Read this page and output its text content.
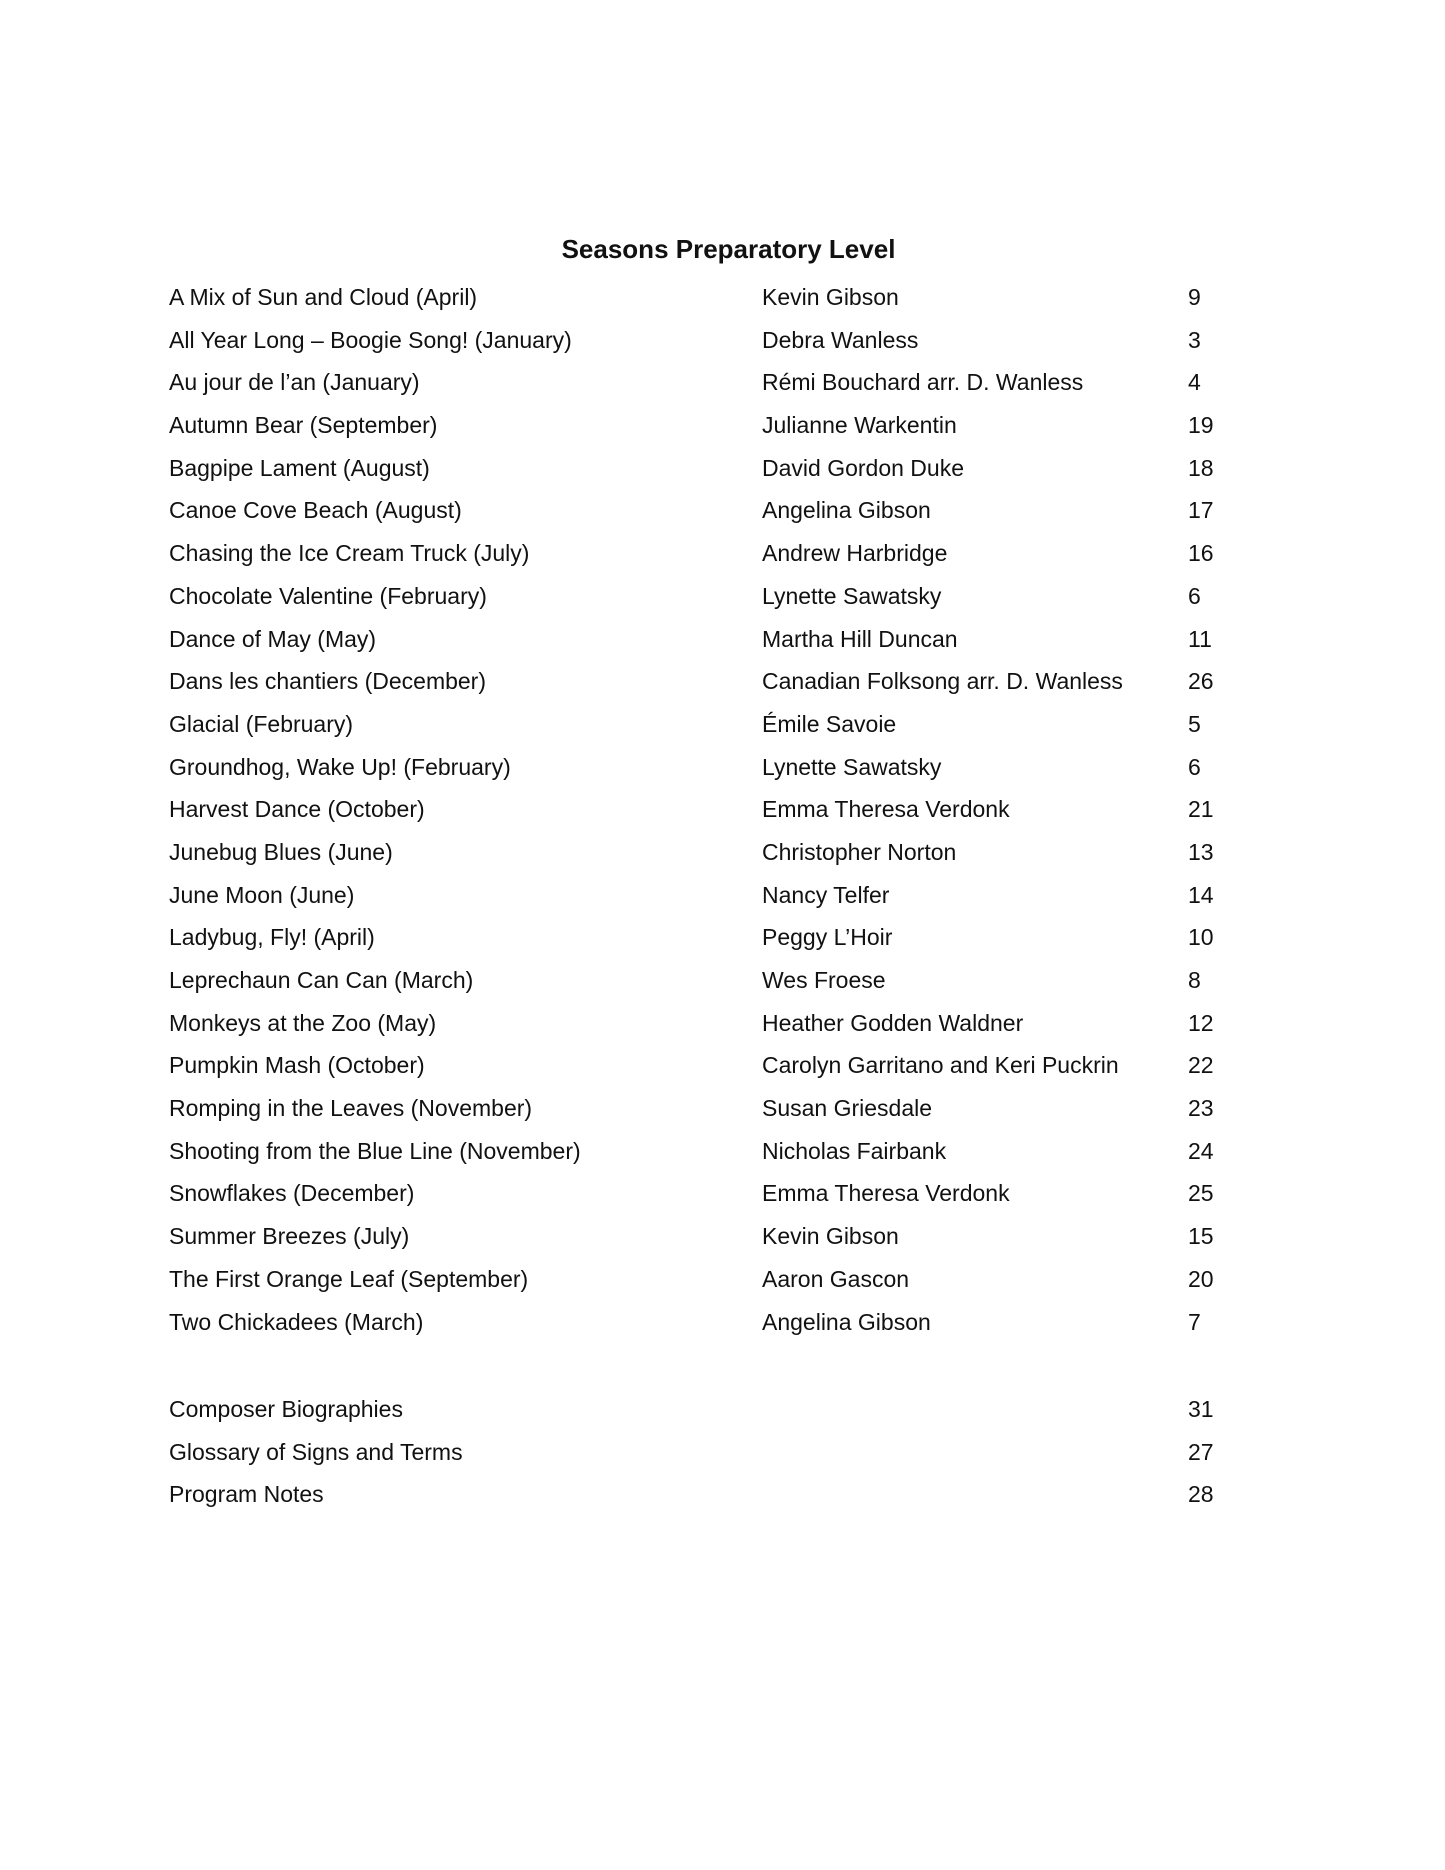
Seasons Preparatory Level
A Mix of Sun and Cloud (April)	Kevin Gibson	9
All Year Long – Boogie Song! (January)	Debra Wanless	3
Au jour de l’an (January)	Rémi Bouchard arr. D. Wanless	4
Autumn Bear (September)	Julianne Warkentin	19
Bagpipe Lament (August)	David Gordon Duke	18
Canoe Cove Beach (August)	Angelina Gibson	17
Chasing the Ice Cream Truck (July)	Andrew Harbridge	16
Chocolate Valentine (February)	Lynette Sawatsky	6
Dance of May (May)	Martha Hill Duncan	11
Dans les chantiers (December)	Canadian Folksong arr. D. Wanless	26
Glacial (February)	Émile Savoie	5
Groundhog, Wake Up! (February)	Lynette Sawatsky	6
Harvest Dance (October)	Emma Theresa Verdonk	21
Junebug Blues (June)	Christopher Norton	13
June Moon (June)	Nancy Telfer	14
Ladybug, Fly! (April)	Peggy L’Hoir	10
Leprechaun Can Can (March)	Wes Froese	8
Monkeys at the Zoo (May)	Heather Godden Waldner	12
Pumpkin Mash (October)	Carolyn Garritano and Keri Puckrin	22
Romping in the Leaves (November)	Susan Griesdale	23
Shooting from the Blue Line (November)	Nicholas Fairbank	24
Snowflakes (December)	Emma Theresa Verdonk	25
Summer Breezes (July)	Kevin Gibson	15
The First Orange Leaf (September)	Aaron Gascon	20
Two Chickadees (March)	Angelina Gibson	7
Composer Biographies	31
Glossary of Signs and Terms	27
Program Notes	28
